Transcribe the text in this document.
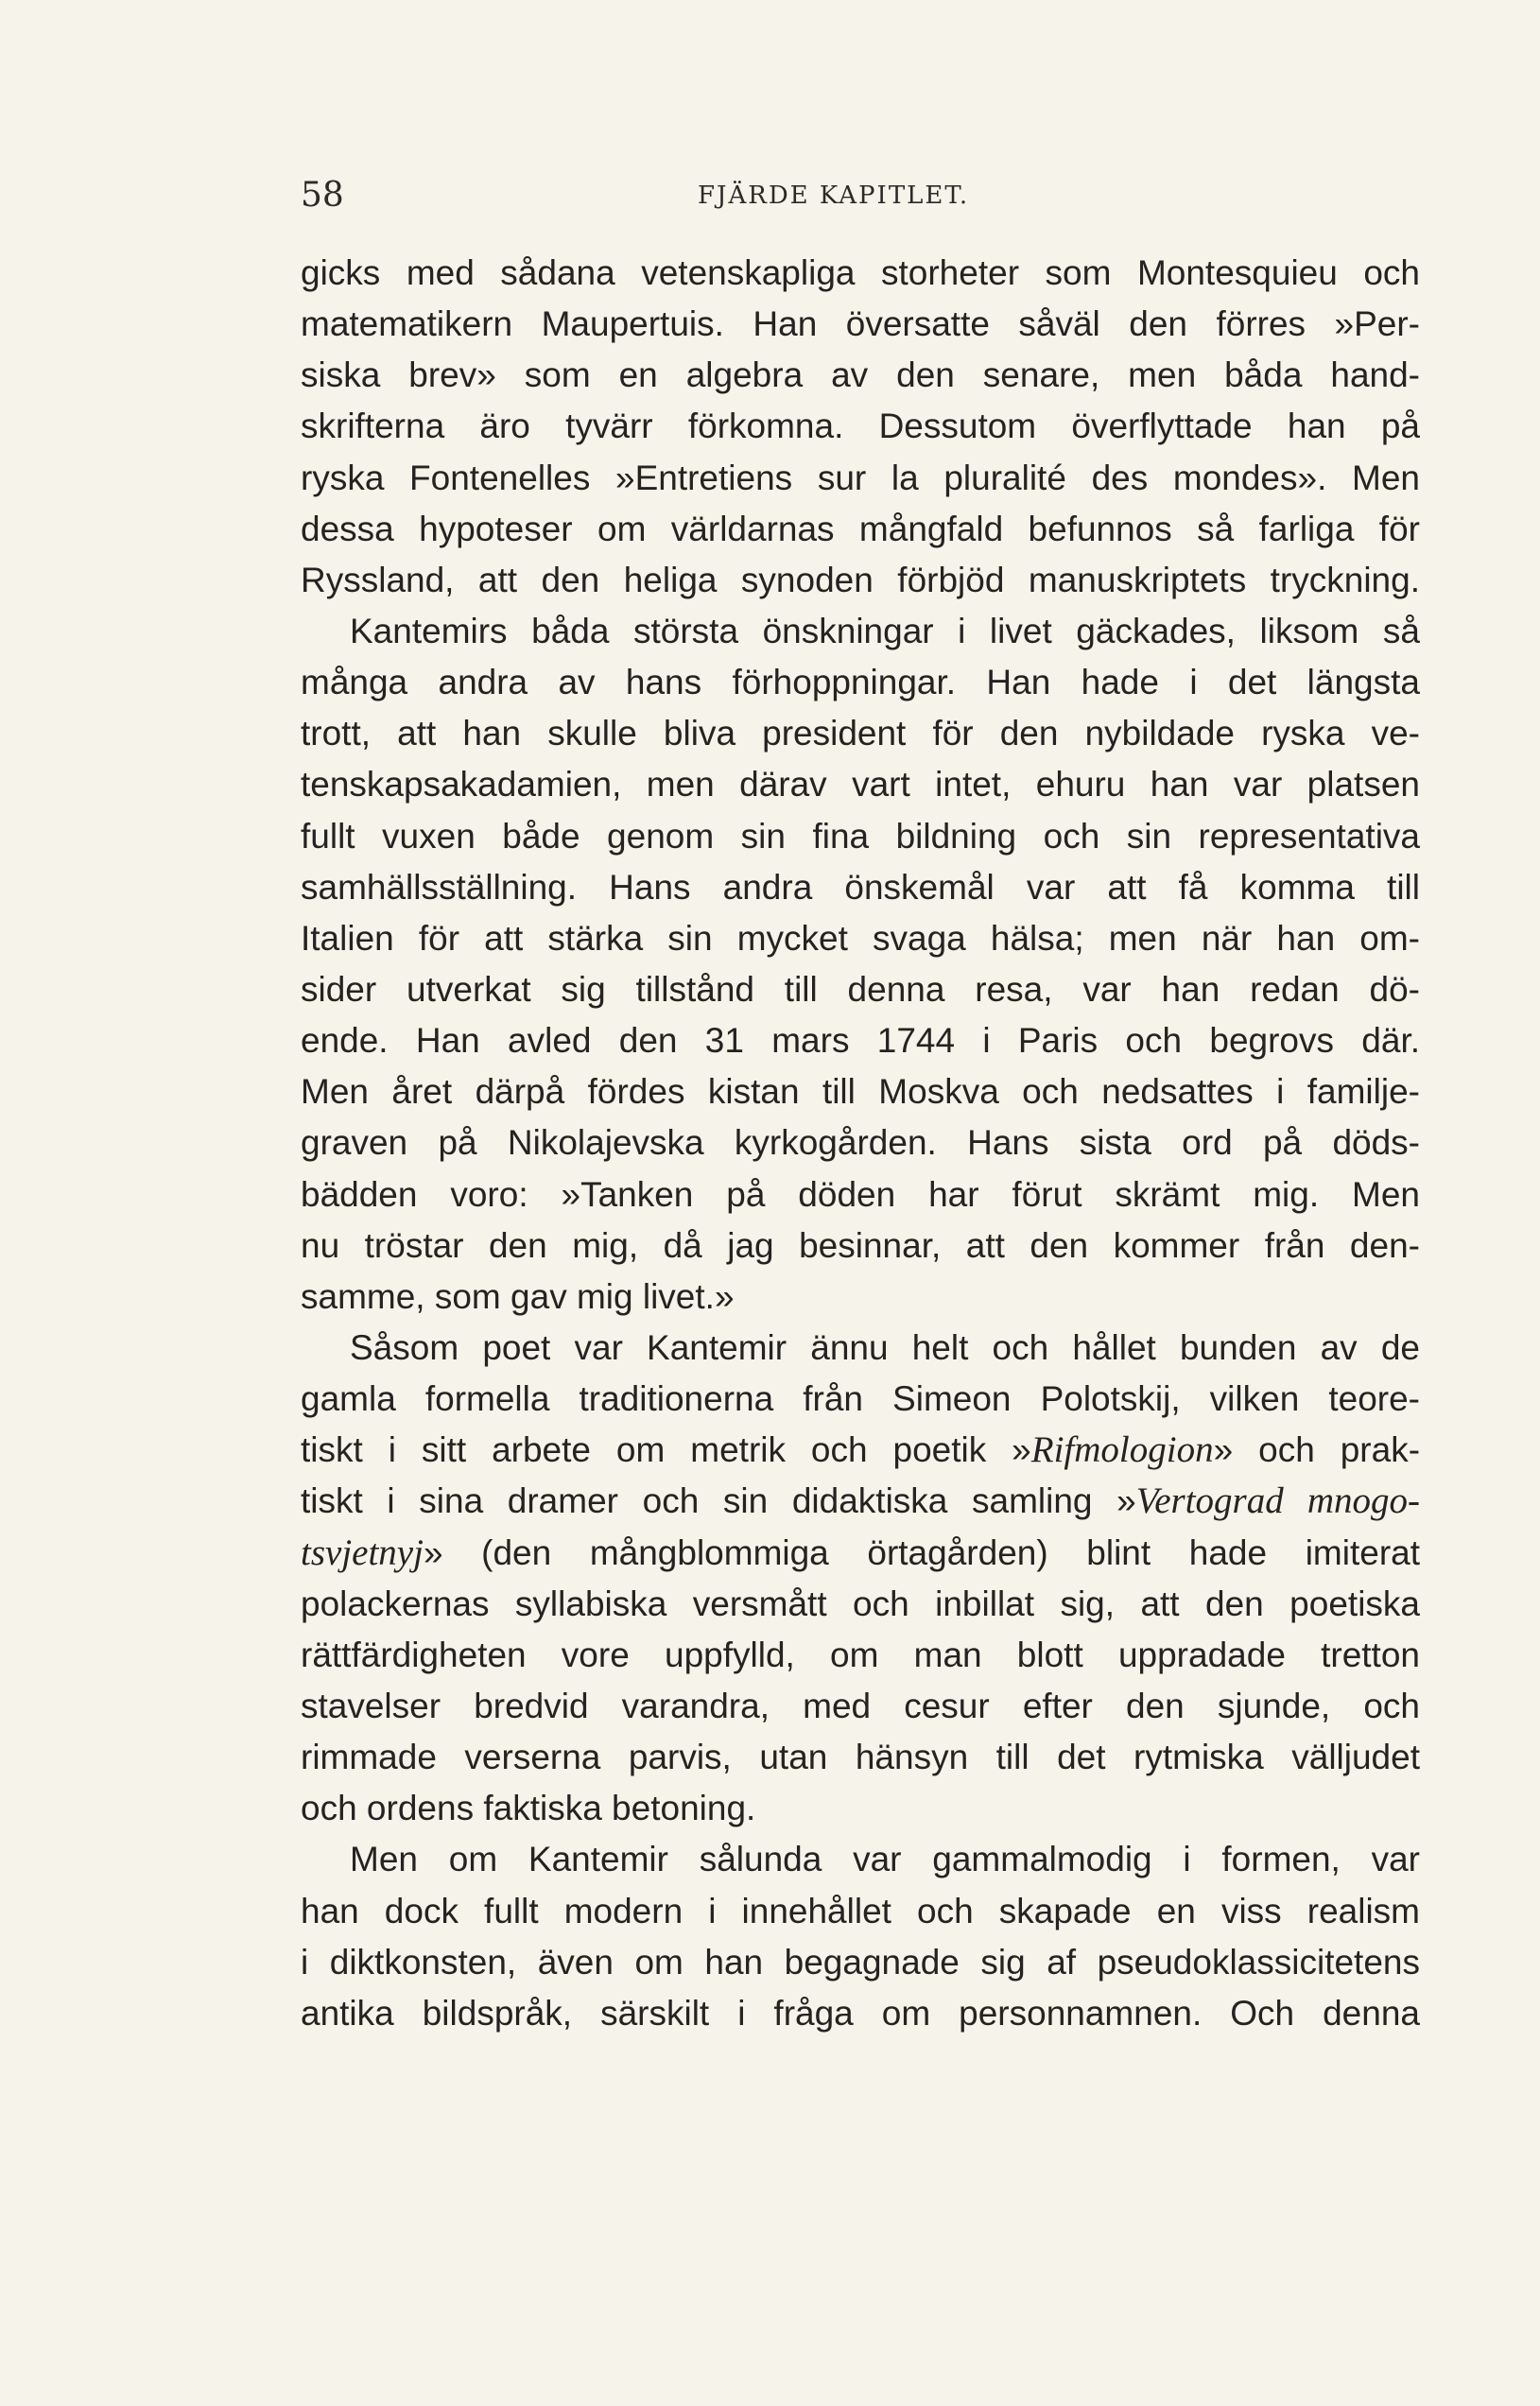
58	FJÄRDE KAPITLET.
gicks med sådana vetenskapliga storheter som Montesquieu och
matematikern Maupertuis. Han översatte såväl den förres »Per-
siska brev» som en algebra av den senare, men båda hand-
skrifterna äro tyvärr förkomna. Dessutom överflyttade han på
ryska Fontenelles »Entretiens sur la pluralité des mondes». Men
dessa hypoteser om världarnas mångfald befunnos så farliga för
Ryssland, att den heliga synoden förbjöd manuskriptets tryckning.
Kantemirs båda största önskningar i livet gäckades, liksom så
många andra av hans förhoppningar. Han hade i det längsta
trott, att han skulle bliva president för den nybildade ryska ve-
tenskapsakadamien, men därav vart intet, ehuru han var platsen
fullt vuxen både genom sin fina bildning och sin representativa
samhällsställning. Hans andra önskemål var att få komma till
Italien för att stärka sin mycket svaga hälsa; men när han om-
sider utverkat sig tillstånd till denna resa, var han redan dö-
ende. Han avled den 31 mars 1744 i Paris och begrovs där.
Men året därpå fördes kistan till Moskva och nedsattes i familje-
graven på Nikolajevska kyrkogården. Hans sista ord på döds-
bädden voro: »Tanken på döden har förut skrämt mig. Men
nu tröstar den mig, då jag besinnar, att den kommer från den-
samme, som gav mig livet.»
Såsom poet var Kantemir ännu helt och hållet bunden av de
gamla formella traditionerna från Simeon Polotskij, vilken teore-
tiskt i sitt arbete om metrik och poetik »Rifmologion» och prak-
tiskt i sina dramer och sin didaktiska samling »Vertograd mnogo-
tsvjetnyj» (den mångblommiga örtagården) blint hade imiterat
polackernas syllabiska versmått och inbillat sig, att den poetiska
rättfärdigheten vore uppfylld, om man blott uppradade tretton
stavelser bredvid varandra, med cesur efter den sjunde, och
rimmade verserna parvis, utan hänsyn till det rytmiska välljudet
och ordens faktiska betoning.
Men om Kantemir sålunda var gammalmodig i formen, var
han dock fullt modern i innehållet och skapade en viss realism
i diktkonsten, även om han begagnade sig af pseudoklassicitetens
antika bildspråk, särskilt i fråga om personnamnen. Och denna
